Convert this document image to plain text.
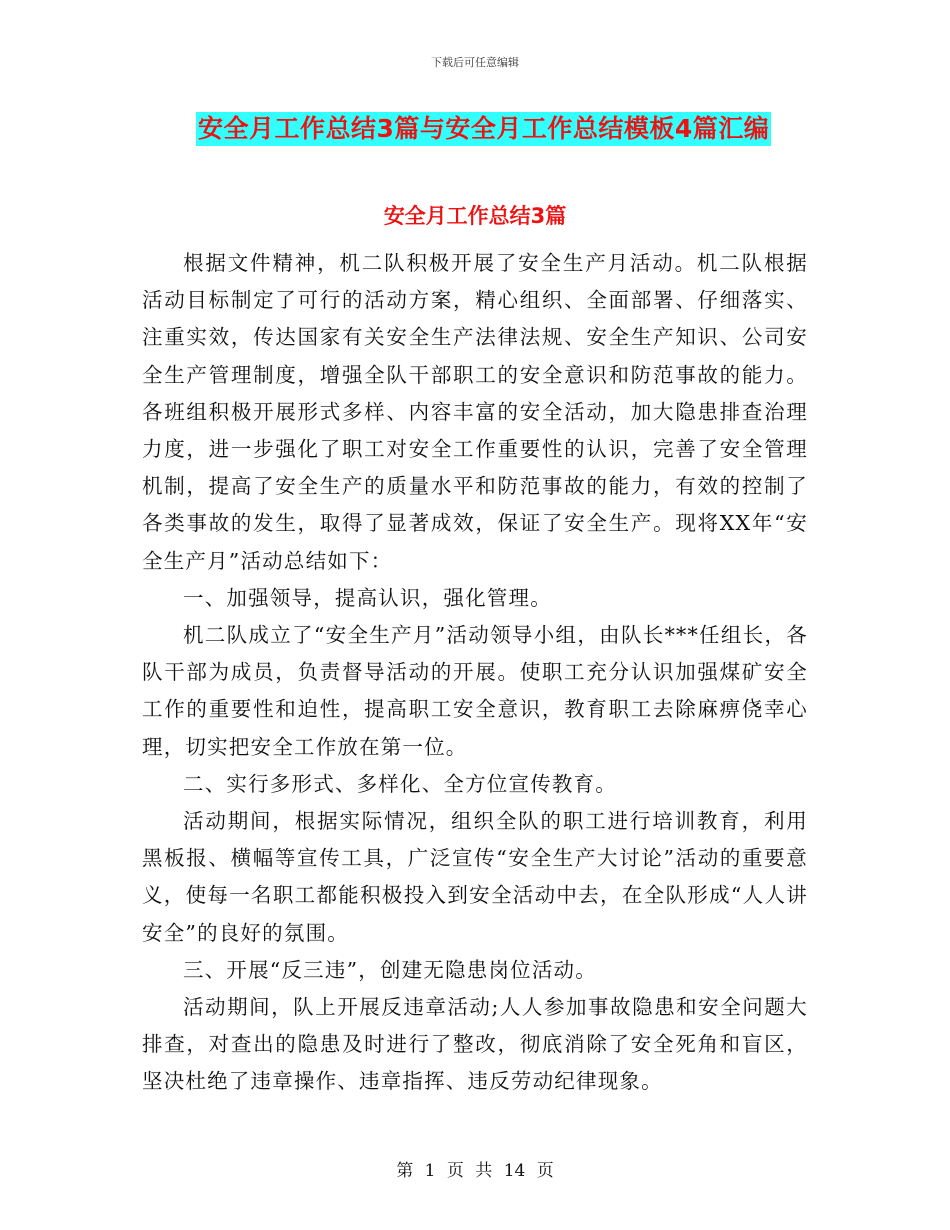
下载后可任意编辑
安全月工作总结3篇与安全月工作总结模板4篇汇编
安全月工作总结3篇

根据文件精神，机二队积极开展了安全生产月活动。机二队根据活动目标制定了可行的活动方案，精心组织、全面部署、仔细落实、注重实效，传达国家有关安全生产法律法规、安全生产知识、公司安全生产管理制度，增强全队干部职工的安全意识和防范事故的能力。各班组积极开展形式多样、内容丰富的安全活动，加大隐患排查治理力度，进一步强化了职工对安全工作重要性的认识，完善了安全管理机制，提高了安全生产的质量水平和防范事故的能力，有效的控制了各类事故的发生，取得了显著成效，保证了安全生产。现将XX年“安全生产月”活动总结如下：

一、加强领导，提高认识，强化管理。

机二队成立了“安全生产月”活动领导小组，由队长***任组长，各队干部为成员，负责督导活动的开展。使职工充分认识加强煤矿安全工作的重要性和迫性，提高职工安全意识，教育职工去除麻痹侥幸心理，切实把安全工作放在第一位。

二、实行多形式、多样化、全方位宣传教育。

活动期间，根据实际情况，组织全队的职工进行培训教育，利用黑板报、横幅等宣传工具，广泛宣传“安全生产大讨论”活动的重要意义，使每一名职工都能积极投入到安全活动中去，在全队形成“人人讲安全”的良好的氛围。

三、开展“反三违”，创建无隐患岗位活动。

活动期间，队上开展反违章活动;人人参加事故隐患和安全问题大排查，对查出的隐患及时进行了整改，彻底消除了安全死角和盲区，坚决杜绝了违章操作、违章指挥、违反劳动纪律现象。

第 1 页 共 14 页
